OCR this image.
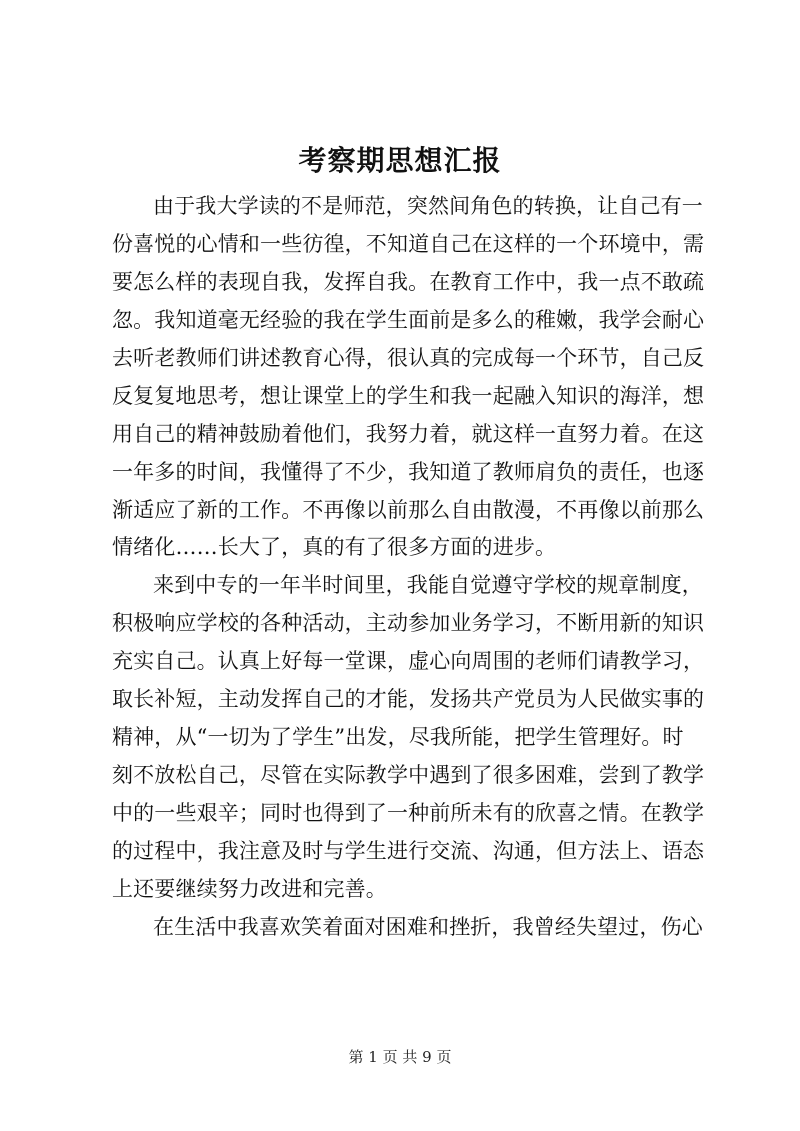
考察期思想汇报
由于我大学读的不是师范，突然间角色的转换，让自己有一
份喜悦的心情和一些彷徨，不知道自己在这样的一个环境中，需
要怎么样的表现自我，发挥自我。在教育工作中，我一点不敢疏
忽。我知道毫无经验的我在学生面前是多么的稚嫩，我学会耐心
去听老教师们讲述教育心得，很认真的完成每一个环节，自己反
反复复地思考，想让课堂上的学生和我一起融入知识的海洋，想
用自己的精神鼓励着他们，我努力着，就这样一直努力着。在这
一年多的时间，我懂得了不少，我知道了教师肩负的责任，也逐
渐适应了新的工作。不再像以前那么自由散漫，不再像以前那么
情绪化……长大了，真的有了很多方面的进步。
来到中专的一年半时间里，我能自觉遵守学校的规章制度，
积极响应学校的各种活动，主动参加业务学习，不断用新的知识
充实自己。认真上好每一堂课，虚心向周围的老师们请教学习，
取长补短，主动发挥自己的才能，发扬共产党员为人民做实事的
精神，从“一切为了学生”出发，尽我所能，把学生管理好。时
刻不放松自己，尽管在实际教学中遇到了很多困难，尝到了教学
中的一些艰辛；同时也得到了一种前所未有的欣喜之情。在教学
的过程中，我注意及时与学生进行交流、沟通，但方法上、语态
上还要继续努力改进和完善。
在生活中我喜欢笑着面对困难和挫折，我曾经失望过，伤心
第 1 页 共 9 页
